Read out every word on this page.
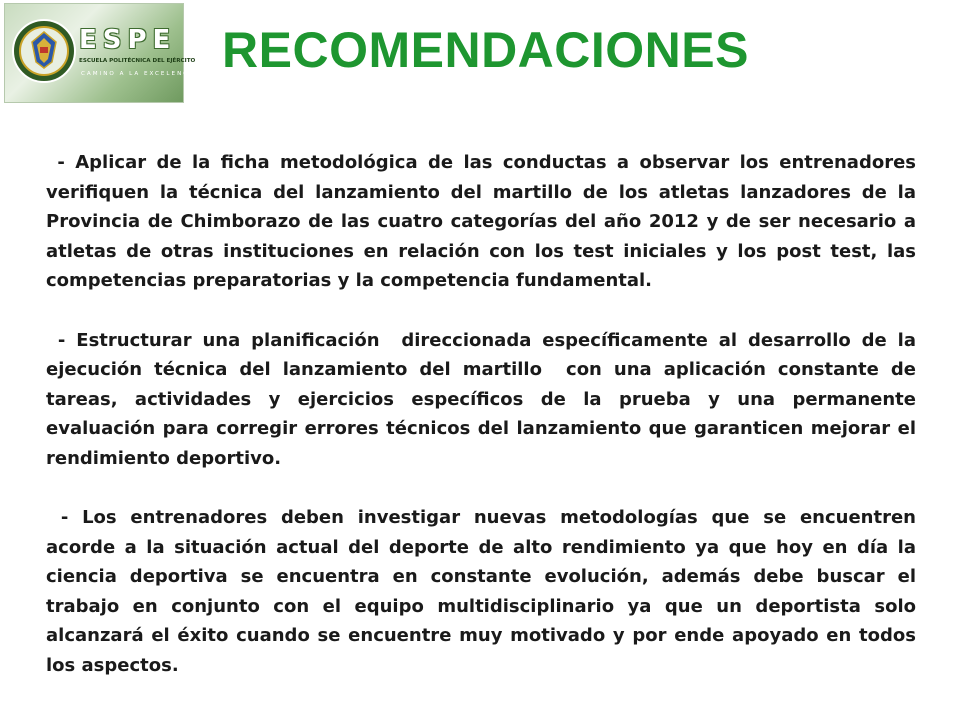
ESPE
ESCUELA POLITÉCNICA DEL EJÉRCITO
CAMINO A LA EXCELENCIA RECOMENDACIONES

- Aplicar de la ficha metodológica de las conductas a observar los entrenadores verifiquen la técnica del lanzamiento del martillo de los atletas lanzadores de la Provincia de Chimborazo de las cuatro categorías del año 2012 y de ser necesario a atletas de otras instituciones en relación con los test iniciales y los post test, las competencias preparatorias y la competencia fundamental.

- Estructurar una planificación  direccionada específicamente al desarrollo de la ejecución técnica del lanzamiento del martillo  con una aplicación constante de tareas, actividades y ejercicios específicos de la prueba y una permanente evaluación para corregir errores técnicos del lanzamiento que garanticen mejorar el rendimiento deportivo.

- Los entrenadores deben investigar nuevas metodologías que se encuentren acorde a la situación actual del deporte de alto rendimiento ya que hoy en día la ciencia deportiva se encuentra en constante evolución, además debe buscar el trabajo en conjunto con el equipo multidisciplinario ya que un deportista solo alcanzará el éxito cuando se encuentre muy motivado y por ende apoyado en todos los aspectos.
